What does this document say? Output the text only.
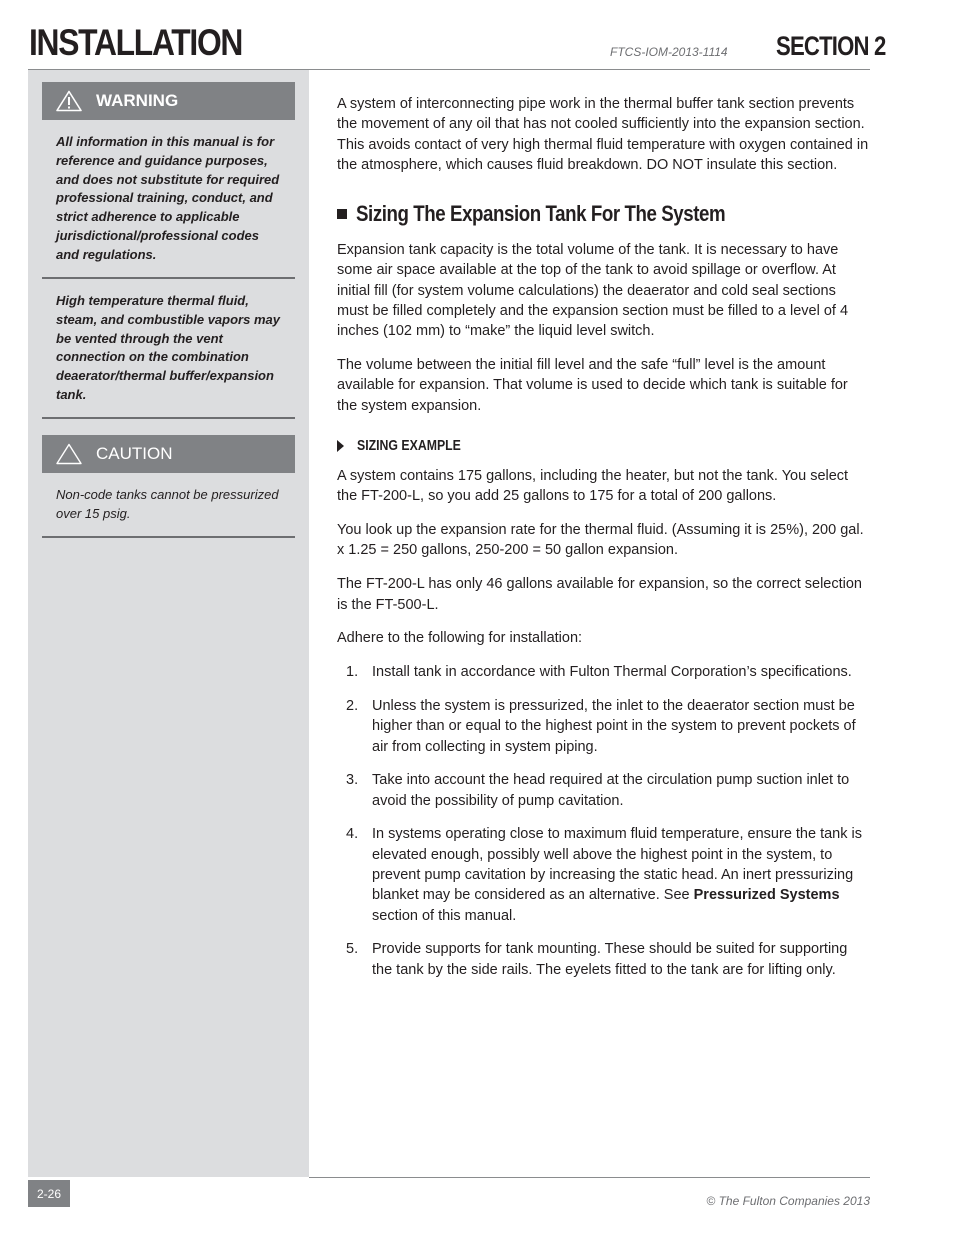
INSTALLATION	FTCS-IOM-2013-1114 SECTION 2
WARNING

All information in this manual is for reference and guidance purposes, and does not substitute for required professional training, conduct, and strict adherence to applicable jurisdictional/professional codes and regulations.

High temperature thermal fluid, steam, and combustible vapors may be vented through the vent connection on the combination deaerator/thermal buffer/expansion tank.

CAUTION

Non-code tanks cannot be pressurized over 15 psig.

A system of interconnecting pipe work in the thermal buffer tank section prevents the movement of any oil that has not cooled sufficiently into the expansion section. This avoids contact of very high thermal fluid temperature with oxygen contained in the atmosphere, which causes fluid breakdown. DO NOT insulate this section.

Sizing The Expansion Tank For The System

Expansion tank capacity is the total volume of the tank. It is necessary to have some air space available at the top of the tank to avoid spillage or overflow. At initial fill (for system volume calculations) the deaerator and cold seal sections must be filled completely and the expansion section must be filled to a level of 4 inches (102 mm) to “make” the liquid level switch.

The volume between the initial fill level and the safe “full” level is the amount available for expansion. That volume is used to decide which tank is suitable for the system expansion.

SIZING EXAMPLE

A system contains 175 gallons, including the heater, but not the tank. You select the FT-200-L, so you add 25 gallons to 175 for a total of 200 gallons.

You look up the expansion rate for the thermal fluid. (Assuming it is 25%), 200 gal. x 1.25 = 250 gallons, 250-200 = 50 gallon expansion.

The FT-200-L has only 46 gallons available for expansion, so the correct selection is the FT-500-L.

Adhere to the following for installation:

1. Install tank in accordance with Fulton Thermal Corporation’s specifications.
2. Unless the system is pressurized, the inlet to the deaerator section must be higher than or equal to the highest point in the system to prevent pockets of air from collecting in system piping.
3. Take into account the head required at the circulation pump suction inlet to avoid the possibility of pump cavitation.
4. In systems operating close to maximum fluid temperature, ensure the tank is elevated enough, possibly well above the highest point in the system, to prevent pump cavitation by increasing the static head. An inert pressurizing blanket may be considered as an alternative. See Pressurized Systems section of this manual.
5. Provide supports for tank mounting. These should be suited for supporting the tank by the side rails. The eyelets fitted to the tank are for lifting only.
2-26
© The Fulton Companies 2013
